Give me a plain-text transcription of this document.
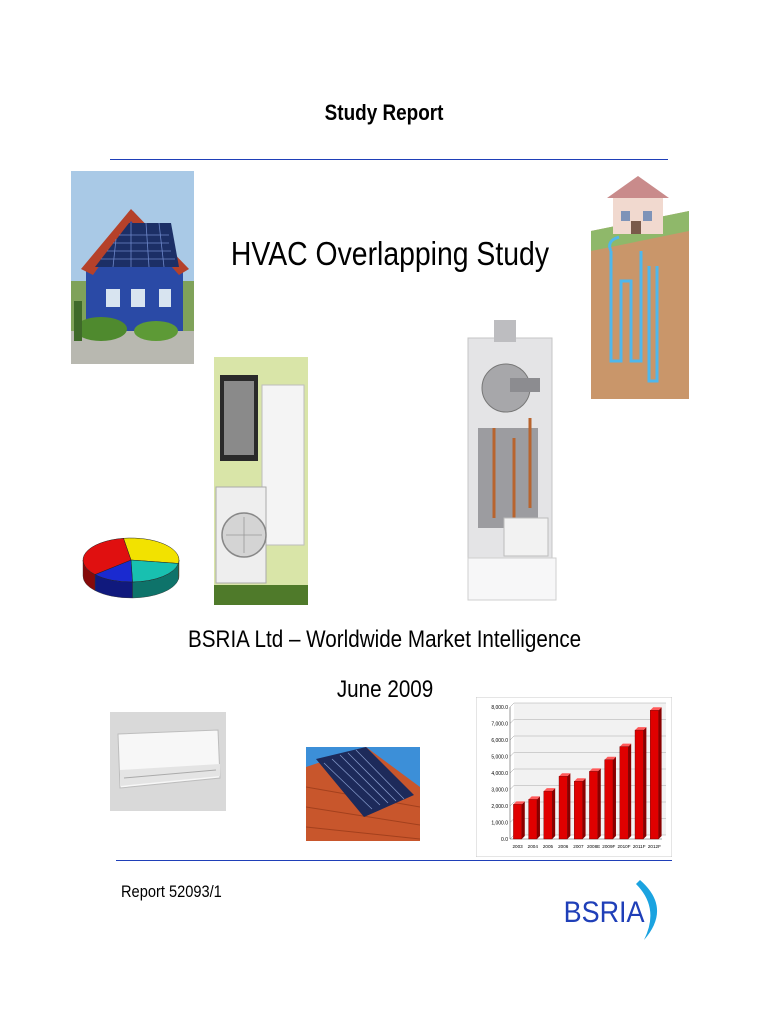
Study Report
HVAC Overlapping Study
BSRIA Ltd – Worldwide Market Intelligence
June 2009
0.0
1,000.0
2,000.0
3,000.0
4,000.0
5,000.0
6,000.0
7,000.0
8,000.0
2003 2004 2005 2006 2007 2008E 2009F 2010F 2011F 2012F
Report 52093/1
BSRIA
